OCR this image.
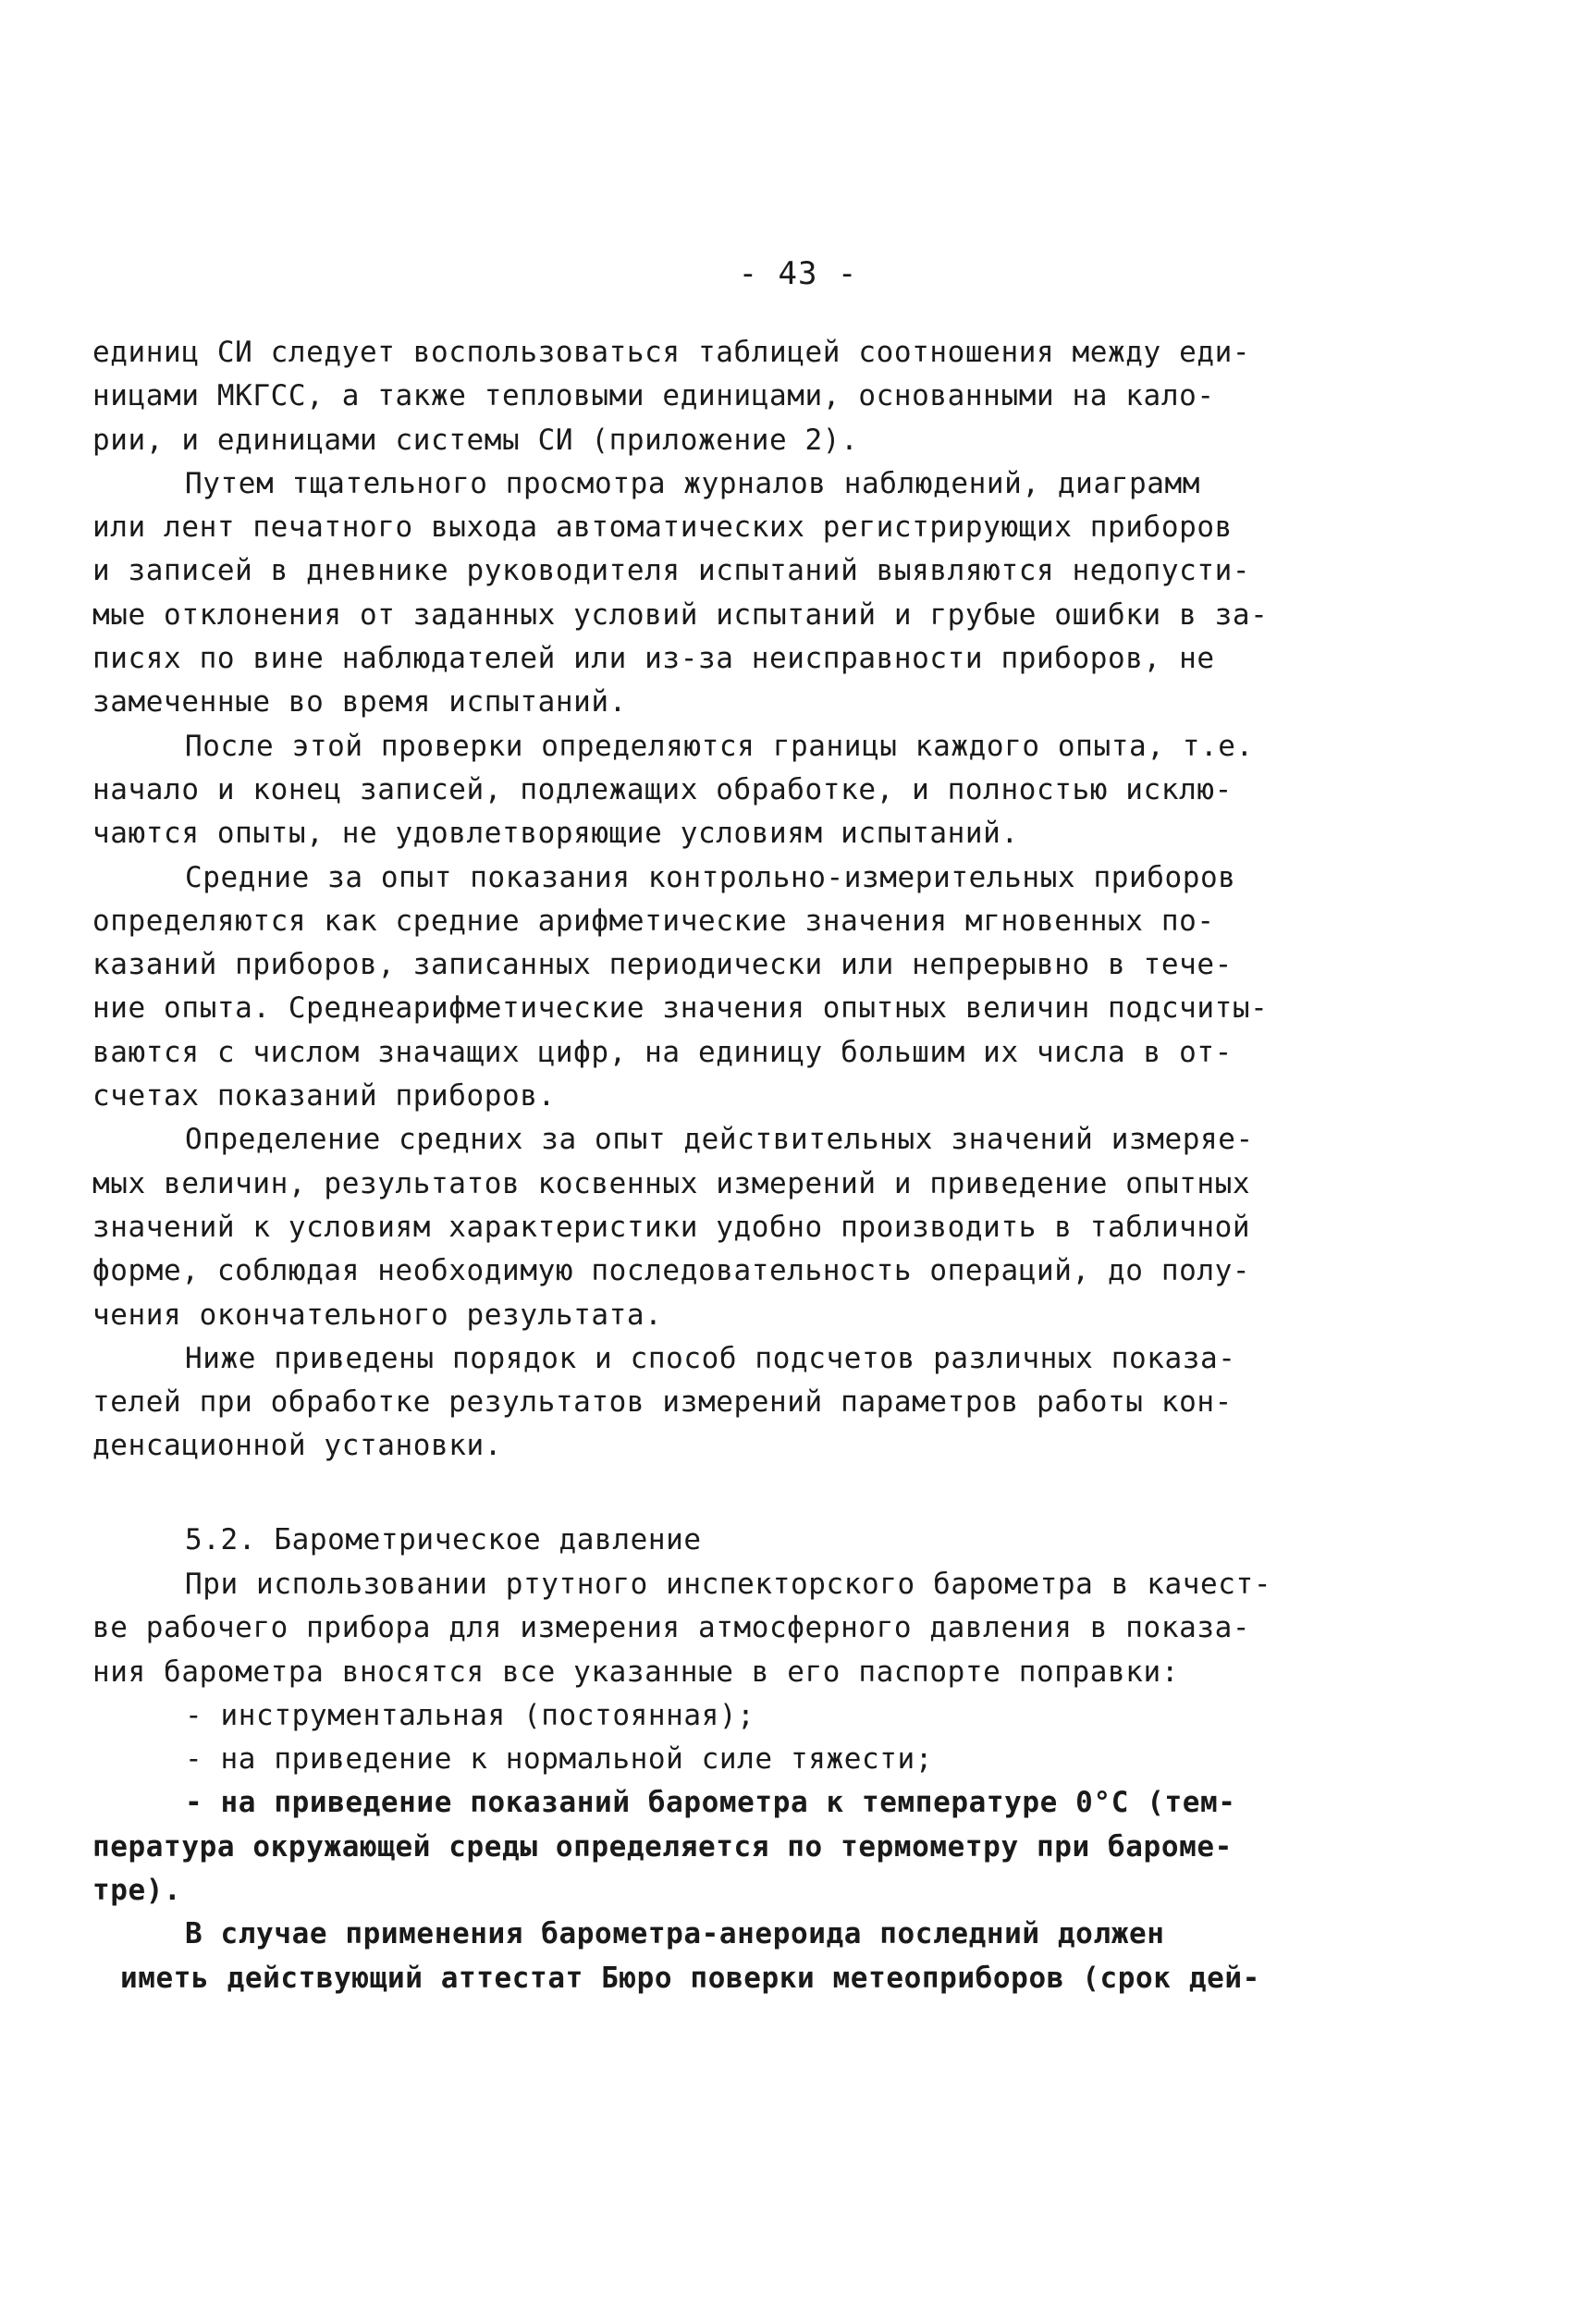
- 43 -
единиц СИ следует воспользоваться таблицей соотношения между еди-
ницами МКГСС, а также тепловыми единицами, основанными на кало-
рии, и единицами системы СИ (приложение 2).
Путем тщательного просмотра журналов наблюдений, диаграмм
или лент печатного выхода автоматических регистрирующих приборов
и записей в дневнике руководителя испытаний выявляются недопусти-
мые отклонения от заданных условий испытаний и грубые ошибки в за-
писях по вине наблюдателей или из-за неисправности приборов, не
замеченные во время испытаний.
После этой проверки определяются границы каждого опыта, т.е.
начало и конец записей, подлежащих обработке, и полностью исклю-
чаются опыты, не удовлетворяющие условиям испытаний.
Средние за опыт показания контрольно-измерительных приборов
определяются как средние арифметические значения мгновенных по-
казаний приборов, записанных периодически или непрерывно в тече-
ние опыта. Среднеарифметические значения опытных величин подсчиты-
ваются с числом значащих цифр, на единицу большим их числа в от-
счетах показаний приборов.
Определение средних за опыт действительных значений измеряе-
мых величин, результатов косвенных измерений и приведение опытных
значений к условиям характеристики удобно производить в табличной
форме, соблюдая необходимую последовательность операций, до полу-
чения окончательного результата.
Ниже приведены порядок и способ подсчетов различных показа-
телей при обработке результатов измерений параметров работы кон-
денсационной установки.
5.2. Барометрическое давление
При использовании ртутного инспекторского барометра в качест-
ве рабочего прибора для измерения атмосферного давления в показа-
ния барометра вносятся все указанные в его паспорте поправки:
- инструментальная (постоянная);
- на приведение к нормальной силе тяжести;
- на приведение показаний барометра к температуре 0°С (тем-
пература окружающей среды определяется по термометру при бароме-
тре).
В случае применения барометра-анероида последний должен
иметь действующий аттестат Бюро поверки метеоприборов (срок дей-
